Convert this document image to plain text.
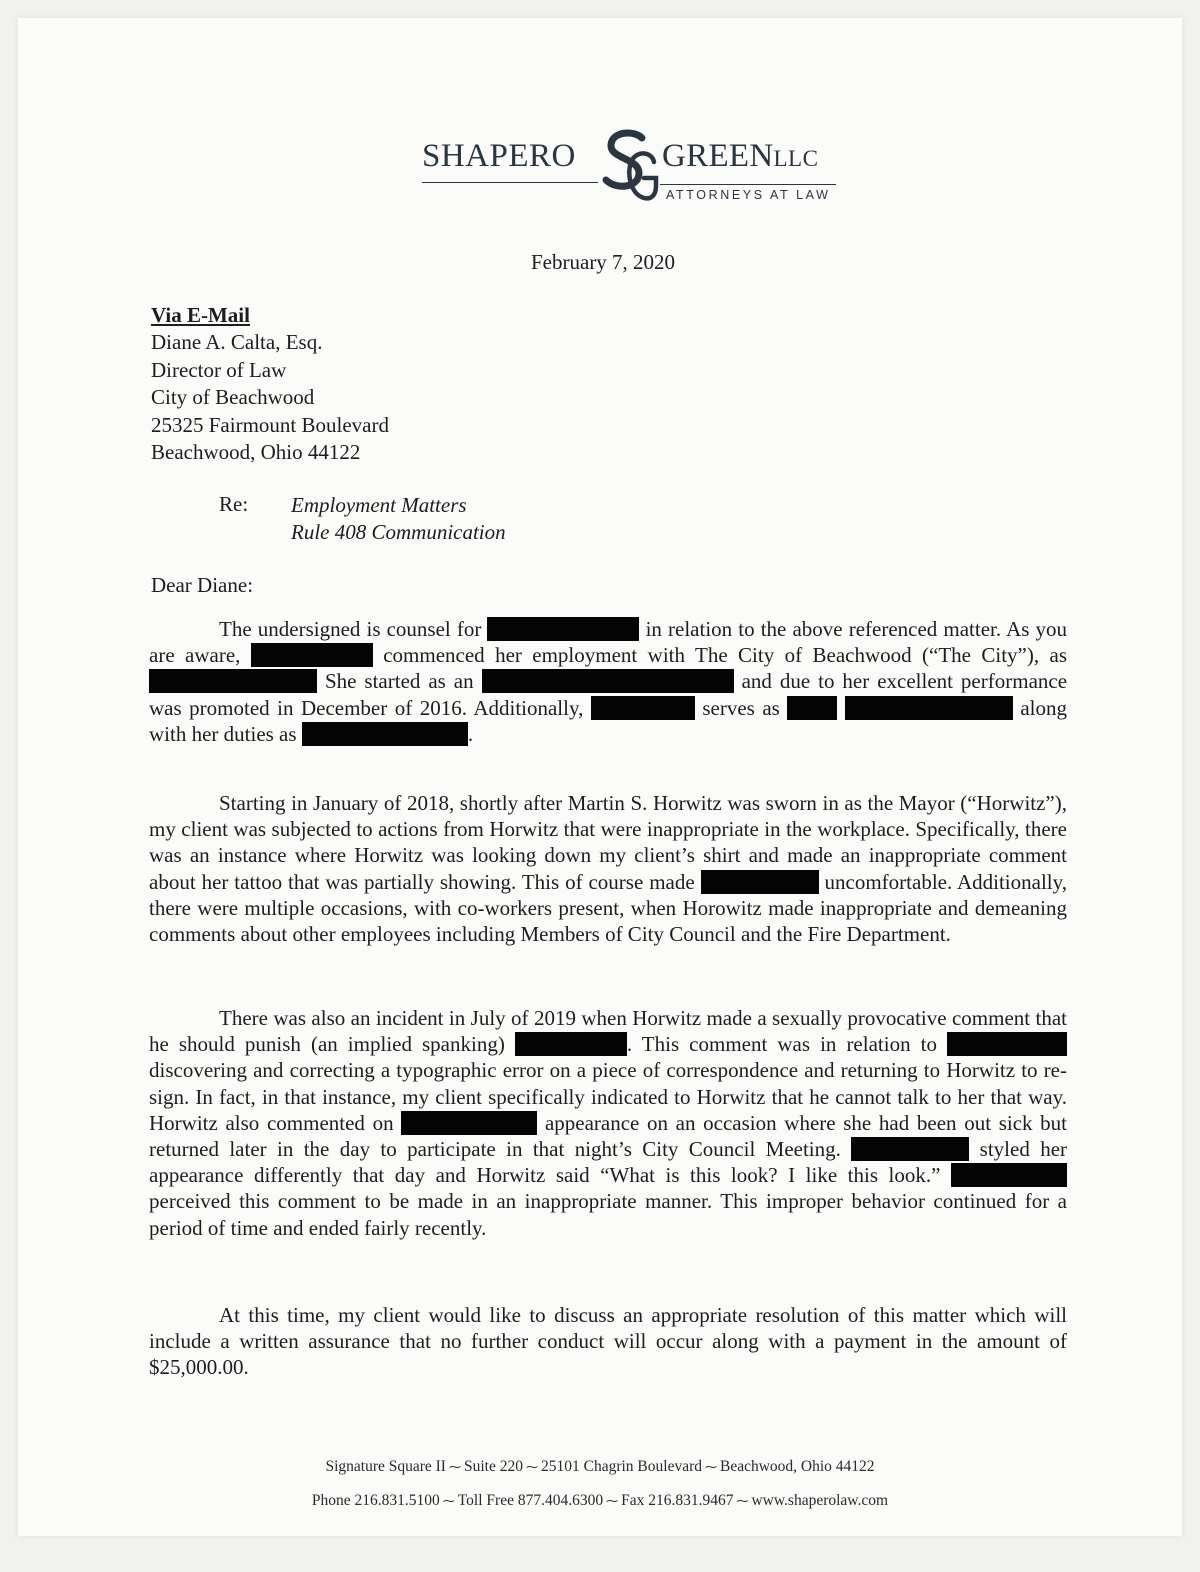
SHAPERO	GREENLLC
ATTORNEYS AT LAW
February 7, 2020
Via E-Mail
Diane A. Calta, Esq.
Director of Law
City of Beachwood
25325 Fairmount Boulevard
Beachwood, Ohio 44122
Re: Employment Matters
Rule 408 Communication
Dear Diane:

The undersigned is counsel for	in relation to the above referenced matter. As you are aware,	commenced her employment with The City of Beachwood (“The City”), as  She started as an	and due to her excellent performance was promoted in December of 2016. Additionally,	serves as	along with her duties as	.

Starting in January of 2018, shortly after Martin S. Horwitz was sworn in as the Mayor (“Horwitz”), my client was subjected to actions from Horwitz that were inappropriate in the workplace. Specifically, there was an instance where Horwitz was looking down my client’s shirt and made an inappropriate comment about her tattoo that was partially showing. This of course made	uncomfortable. Additionally, there were multiple occasions, with co-workers present, when Horowitz made inappropriate and demeaning comments about other employees including Members of City Council and the Fire Department.

There was also an incident in July of 2019 when Horwitz made a sexually provocative comment that he should punish (an implied spanking)	. This comment was in relation to  discovering and correcting a typographic error on a piece of correspondence and returning to Horwitz to re-sign. In fact, in that instance, my client specifically indicated to Horwitz that he cannot talk to her that way. Horwitz also commented on	appearance on an occasion where she had been out sick but returned later in the day to participate in that night’s City Council Meeting.	styled her appearance differently that day and Horwitz said “What is this look? I like this look.”  perceived this comment to be made in an inappropriate manner. This improper behavior continued for a period of time and ended fairly recently.

At this time, my client would like to discuss an appropriate resolution of this matter which will include a written assurance that no further conduct will occur along with a payment in the amount of $25,000.00.

Signature Square II ⁓ Suite 220 ⁓ 25101 Chagrin Boulevard ⁓ Beachwood, Ohio 44122
Phone 216.831.5100 ⁓ Toll Free 877.404.6300 ⁓ Fax 216.831.9467 ⁓ www.shaperolaw.com
